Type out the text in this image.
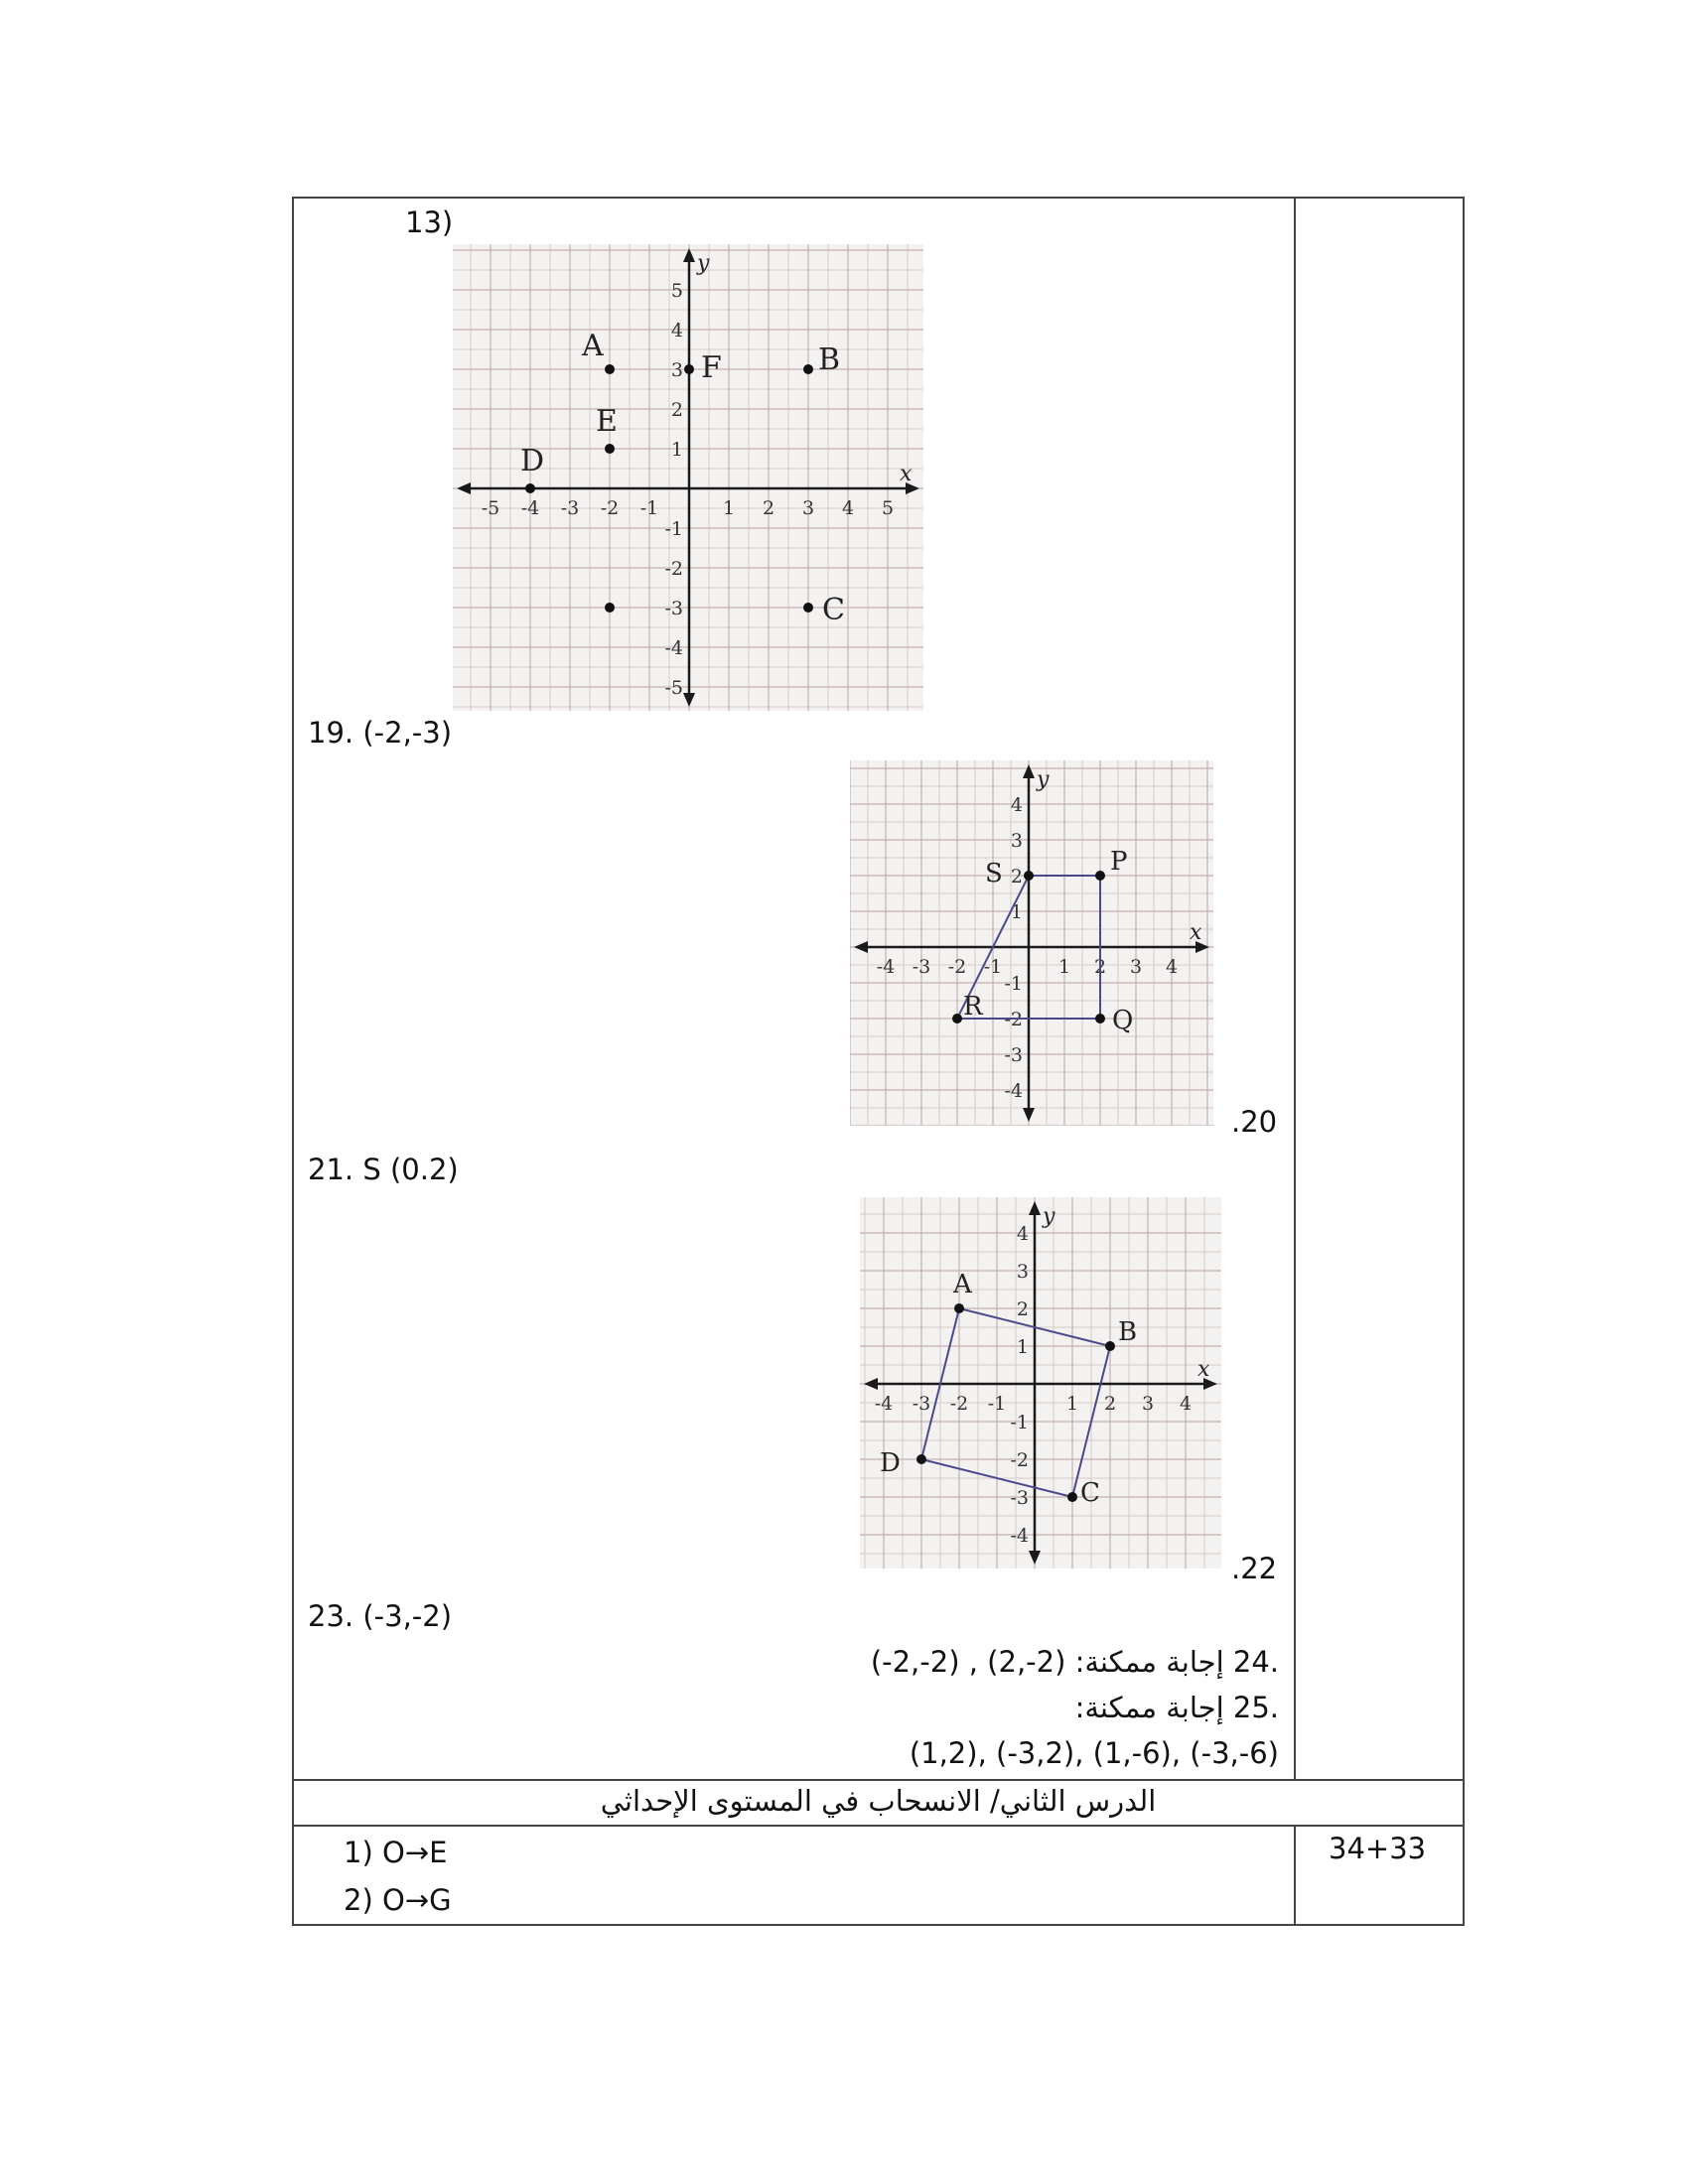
13)
19. (-2,-3)
.20
21. S (0.2)
.22
23. (-3,-2)
.24 إجابة ممكنة: (2-,2) , (2-,2-)
.25 إجابة ممكنة:
(1,2), (-3,2), (1,-6), (-3,-6)
الدرس الثاني/ الانسحاب في المستوى الإحداثي
34+33
1) O→E
2) O→G
x
y
-5 -4 -3 -2 -1	1 2 3 4 5
5
4
3
2
1
-1
-2
-3
-4
-5
A
F	B
E
D
C
x
y
-4 -3 -2 -1	1 2 3 4
4
3
2
1
-1
-2
-3
-4
S	P
Q
R
x
y
-4 -3 -2 -1	1 2 3 4
4
3
2
1
-1
-2
-3
-4
A
B
C
D
